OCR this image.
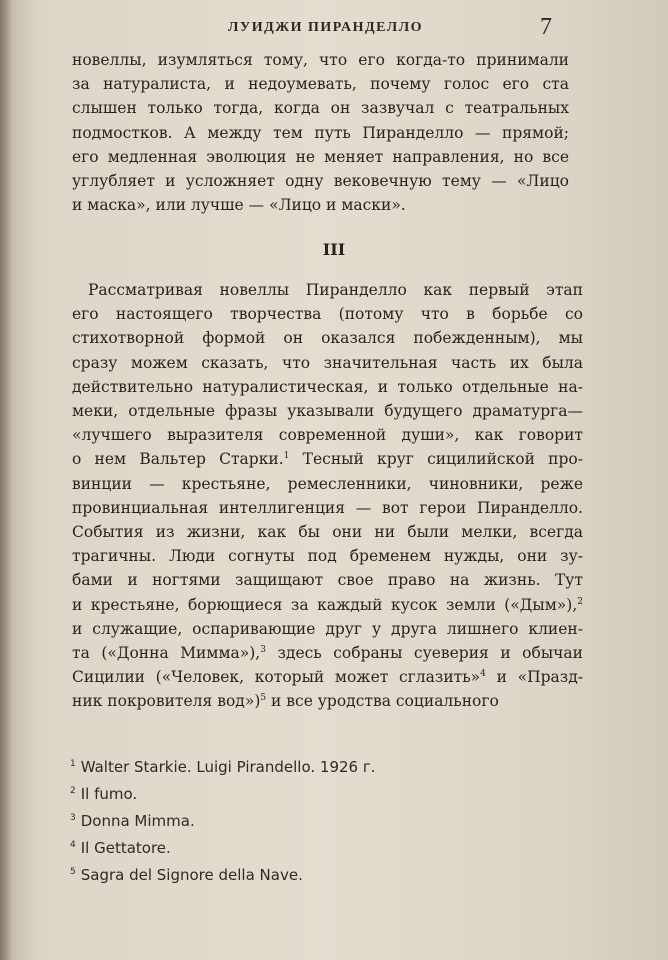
ЛУИДЖИ ПИРАНДЕЛЛО	7
новеллы, изумляться тому, что его когда-то принимали
за натуралиста, и недоумевать, почему голос его ста
слышен только тогда, когда он зазвучал с театральных
подмостков. А между тем путь Пиранделло — прямой;
его медленная эволюция не меняет направления, но все
углубляет и усложняет одну вековечную тему — «Лицо
и маска», или лучше — «Лицо и маски».
III
Рассматривая новеллы Пиранделло как первый этап
его настоящего творчества (потому что в борьбе со
стихотворной формой он оказался побежденным), мы
сразу можем сказать, что значительная часть их была
действительно натуралистическая, и только отдельные на-
меки, отдельные фразы указывали будущего драматурга—
«лучшего выразителя современной души», как говорит
о нем Вальтер Старки.$^1$ Тесный круг сицилийской про-
винции — крестьяне, ремесленники, чиновники, реже
провинциальная интеллигенция — вот герои Пиранделло.
События из жизни, как бы они ни были мелки, всегда
трагичны. Люди согнуты под бременем нужды, они зу-
бами и ногтями защищают свое право на жизнь. Тут
и крестьяне, борющиеся за каждый кусок земли («Дым»),$^2$
и служащие, оспаривающие друг у друга лишнего клиен-
та («Донна Мимма»),$^3$ здесь собраны суеверия и обычаи
Сицилии («Человек, который может сглазить»$^4$ и «Празд-
ник покровителя вод»)$^5$ и все уродства социального
$^1$ Walter Starkie. Luigi Pirandello. 1926 г.
$^2$ Il fumo.
$^3$ Donna Mimma.
$^4$ Il Gettatore.
$^5$ Sagra del Signore della Nave.
